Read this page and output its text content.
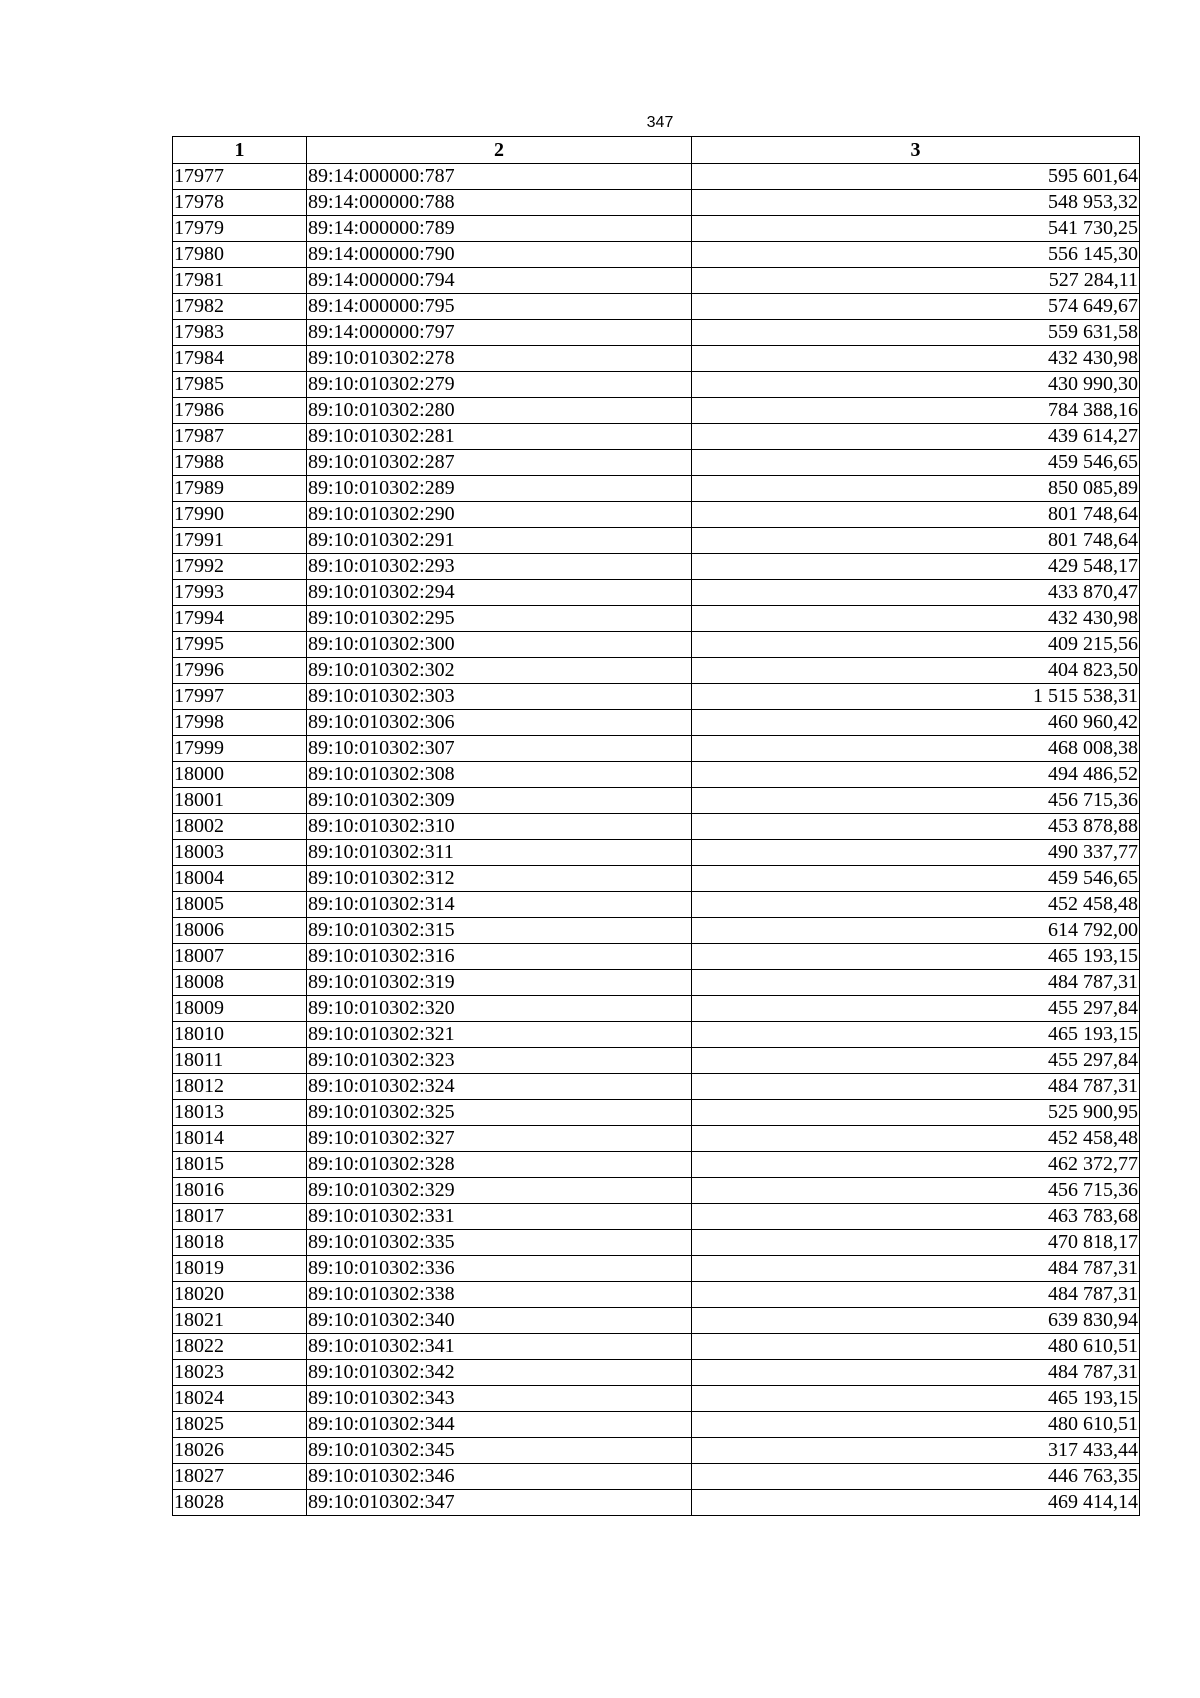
347
1	2	3
17977	89:14:000000:787	595 601,64
17978	89:14:000000:788	548 953,32
17979	89:14:000000:789	541 730,25
17980	89:14:000000:790	556 145,30
17981	89:14:000000:794	527 284,11
17982	89:14:000000:795	574 649,67
17983	89:14:000000:797	559 631,58
17984	89:10:010302:278	432 430,98
17985	89:10:010302:279	430 990,30
17986	89:10:010302:280	784 388,16
17987	89:10:010302:281	439 614,27
17988	89:10:010302:287	459 546,65
17989	89:10:010302:289	850 085,89
17990	89:10:010302:290	801 748,64
17991	89:10:010302:291	801 748,64
17992	89:10:010302:293	429 548,17
17993	89:10:010302:294	433 870,47
17994	89:10:010302:295	432 430,98
17995	89:10:010302:300	409 215,56
17996	89:10:010302:302	404 823,50
17997	89:10:010302:303	1 515 538,31
17998	89:10:010302:306	460 960,42
17999	89:10:010302:307	468 008,38
18000	89:10:010302:308	494 486,52
18001	89:10:010302:309	456 715,36
18002	89:10:010302:310	453 878,88
18003	89:10:010302:311	490 337,77
18004	89:10:010302:312	459 546,65
18005	89:10:010302:314	452 458,48
18006	89:10:010302:315	614 792,00
18007	89:10:010302:316	465 193,15
18008	89:10:010302:319	484 787,31
18009	89:10:010302:320	455 297,84
18010	89:10:010302:321	465 193,15
18011	89:10:010302:323	455 297,84
18012	89:10:010302:324	484 787,31
18013	89:10:010302:325	525 900,95
18014	89:10:010302:327	452 458,48
18015	89:10:010302:328	462 372,77
18016	89:10:010302:329	456 715,36
18017	89:10:010302:331	463 783,68
18018	89:10:010302:335	470 818,17
18019	89:10:010302:336	484 787,31
18020	89:10:010302:338	484 787,31
18021	89:10:010302:340	639 830,94
18022	89:10:010302:341	480 610,51
18023	89:10:010302:342	484 787,31
18024	89:10:010302:343	465 193,15
18025	89:10:010302:344	480 610,51
18026	89:10:010302:345	317 433,44
18027	89:10:010302:346	446 763,35
18028	89:10:010302:347	469 414,14
